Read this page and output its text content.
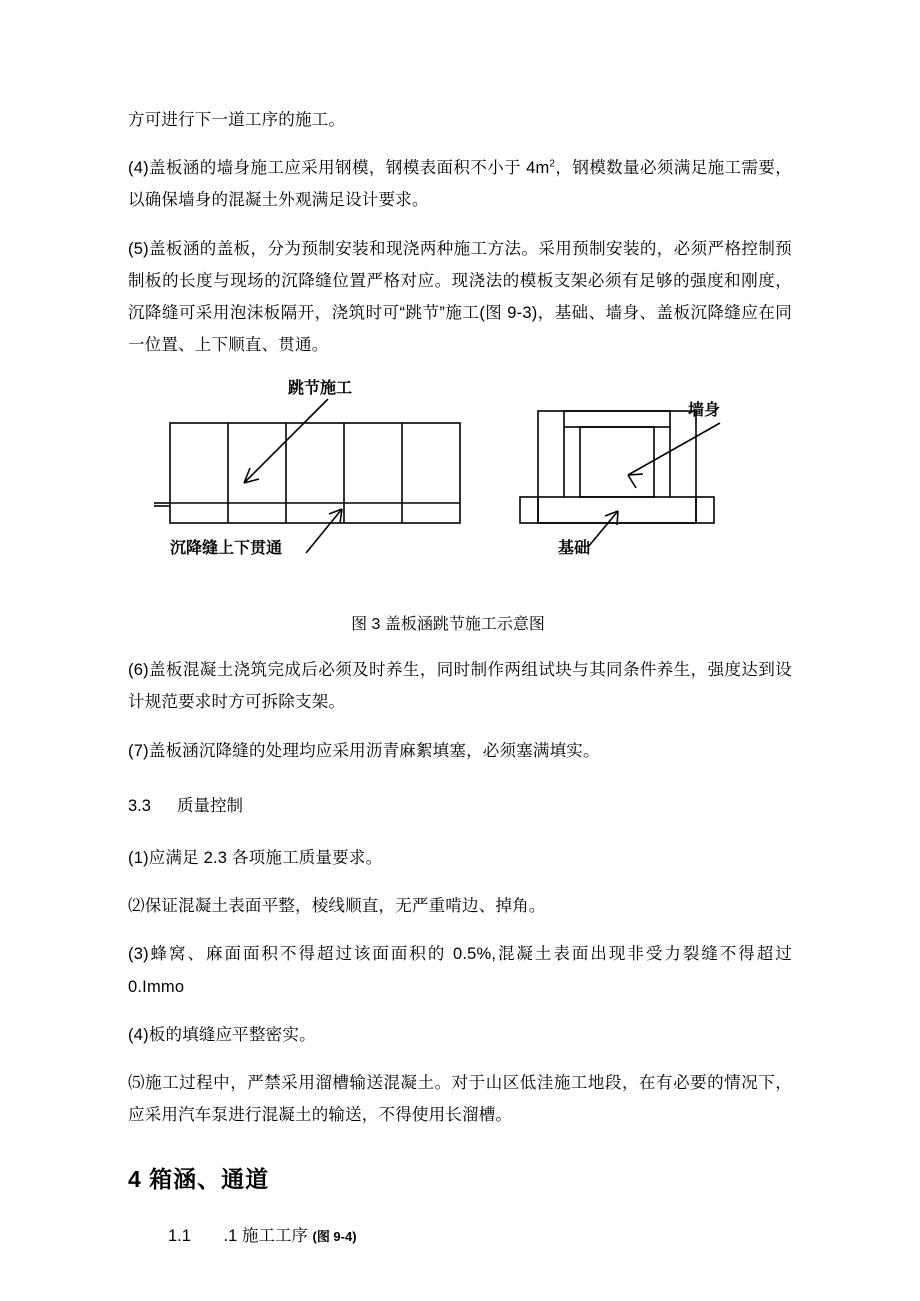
方可进行下一道工序的施工。

(4)盖板涵的墙身施工应采用钢模，钢模表面积不小于 $4m^2$，钢模数量必须满足施工需要，以确保墙身的混凝土外观满足设计要求。

(5)盖板涵的盖板，分为预制安装和现浇两种施工方法。采用预制安装的，必须严格控制预制板的长度与现场的沉降缝位置严格对应。现浇法的模板支架必须有足够的强度和刚度，沉降缝可采用泡沫板隔开，浇筑时可“跳节”施工(图 9-3)，基础、墙身、盖板沉降缝应在同一位置、上下顺直、贯通。

跳节施工
墙身
沉降缝上下贯通	基础
图 3 盖板涵跳节施工示意图

(6)盖板混凝土浇筑完成后必须及时养生，同时制作两组试块与其同条件养生，强度达到设计规范要求时方可拆除支架。

(7)盖板涵沉降缝的处理均应采用沥青麻絮填塞，必须塞满填实。

3.3 质量控制

(1)应满足 2.3 各项施工质量要求。

⑵保证混凝土表面平整，棱线顺直，无严重啃边、掉角。

(3)蜂窝、麻面面积不得超过该面面积的 0.5%,混凝土表面出现非受力裂缝不得超过 0.Immo

(4)板的填缝应平整密实。

⑸施工过程中，严禁采用溜槽输送混凝土。对于山区低洼施工地段，在有必要的情况下，应采用汽车泵进行混凝土的输送，不得使用长溜槽。

4 箱涵、通道
1.1 .1 施工工序 (图 9-4)
